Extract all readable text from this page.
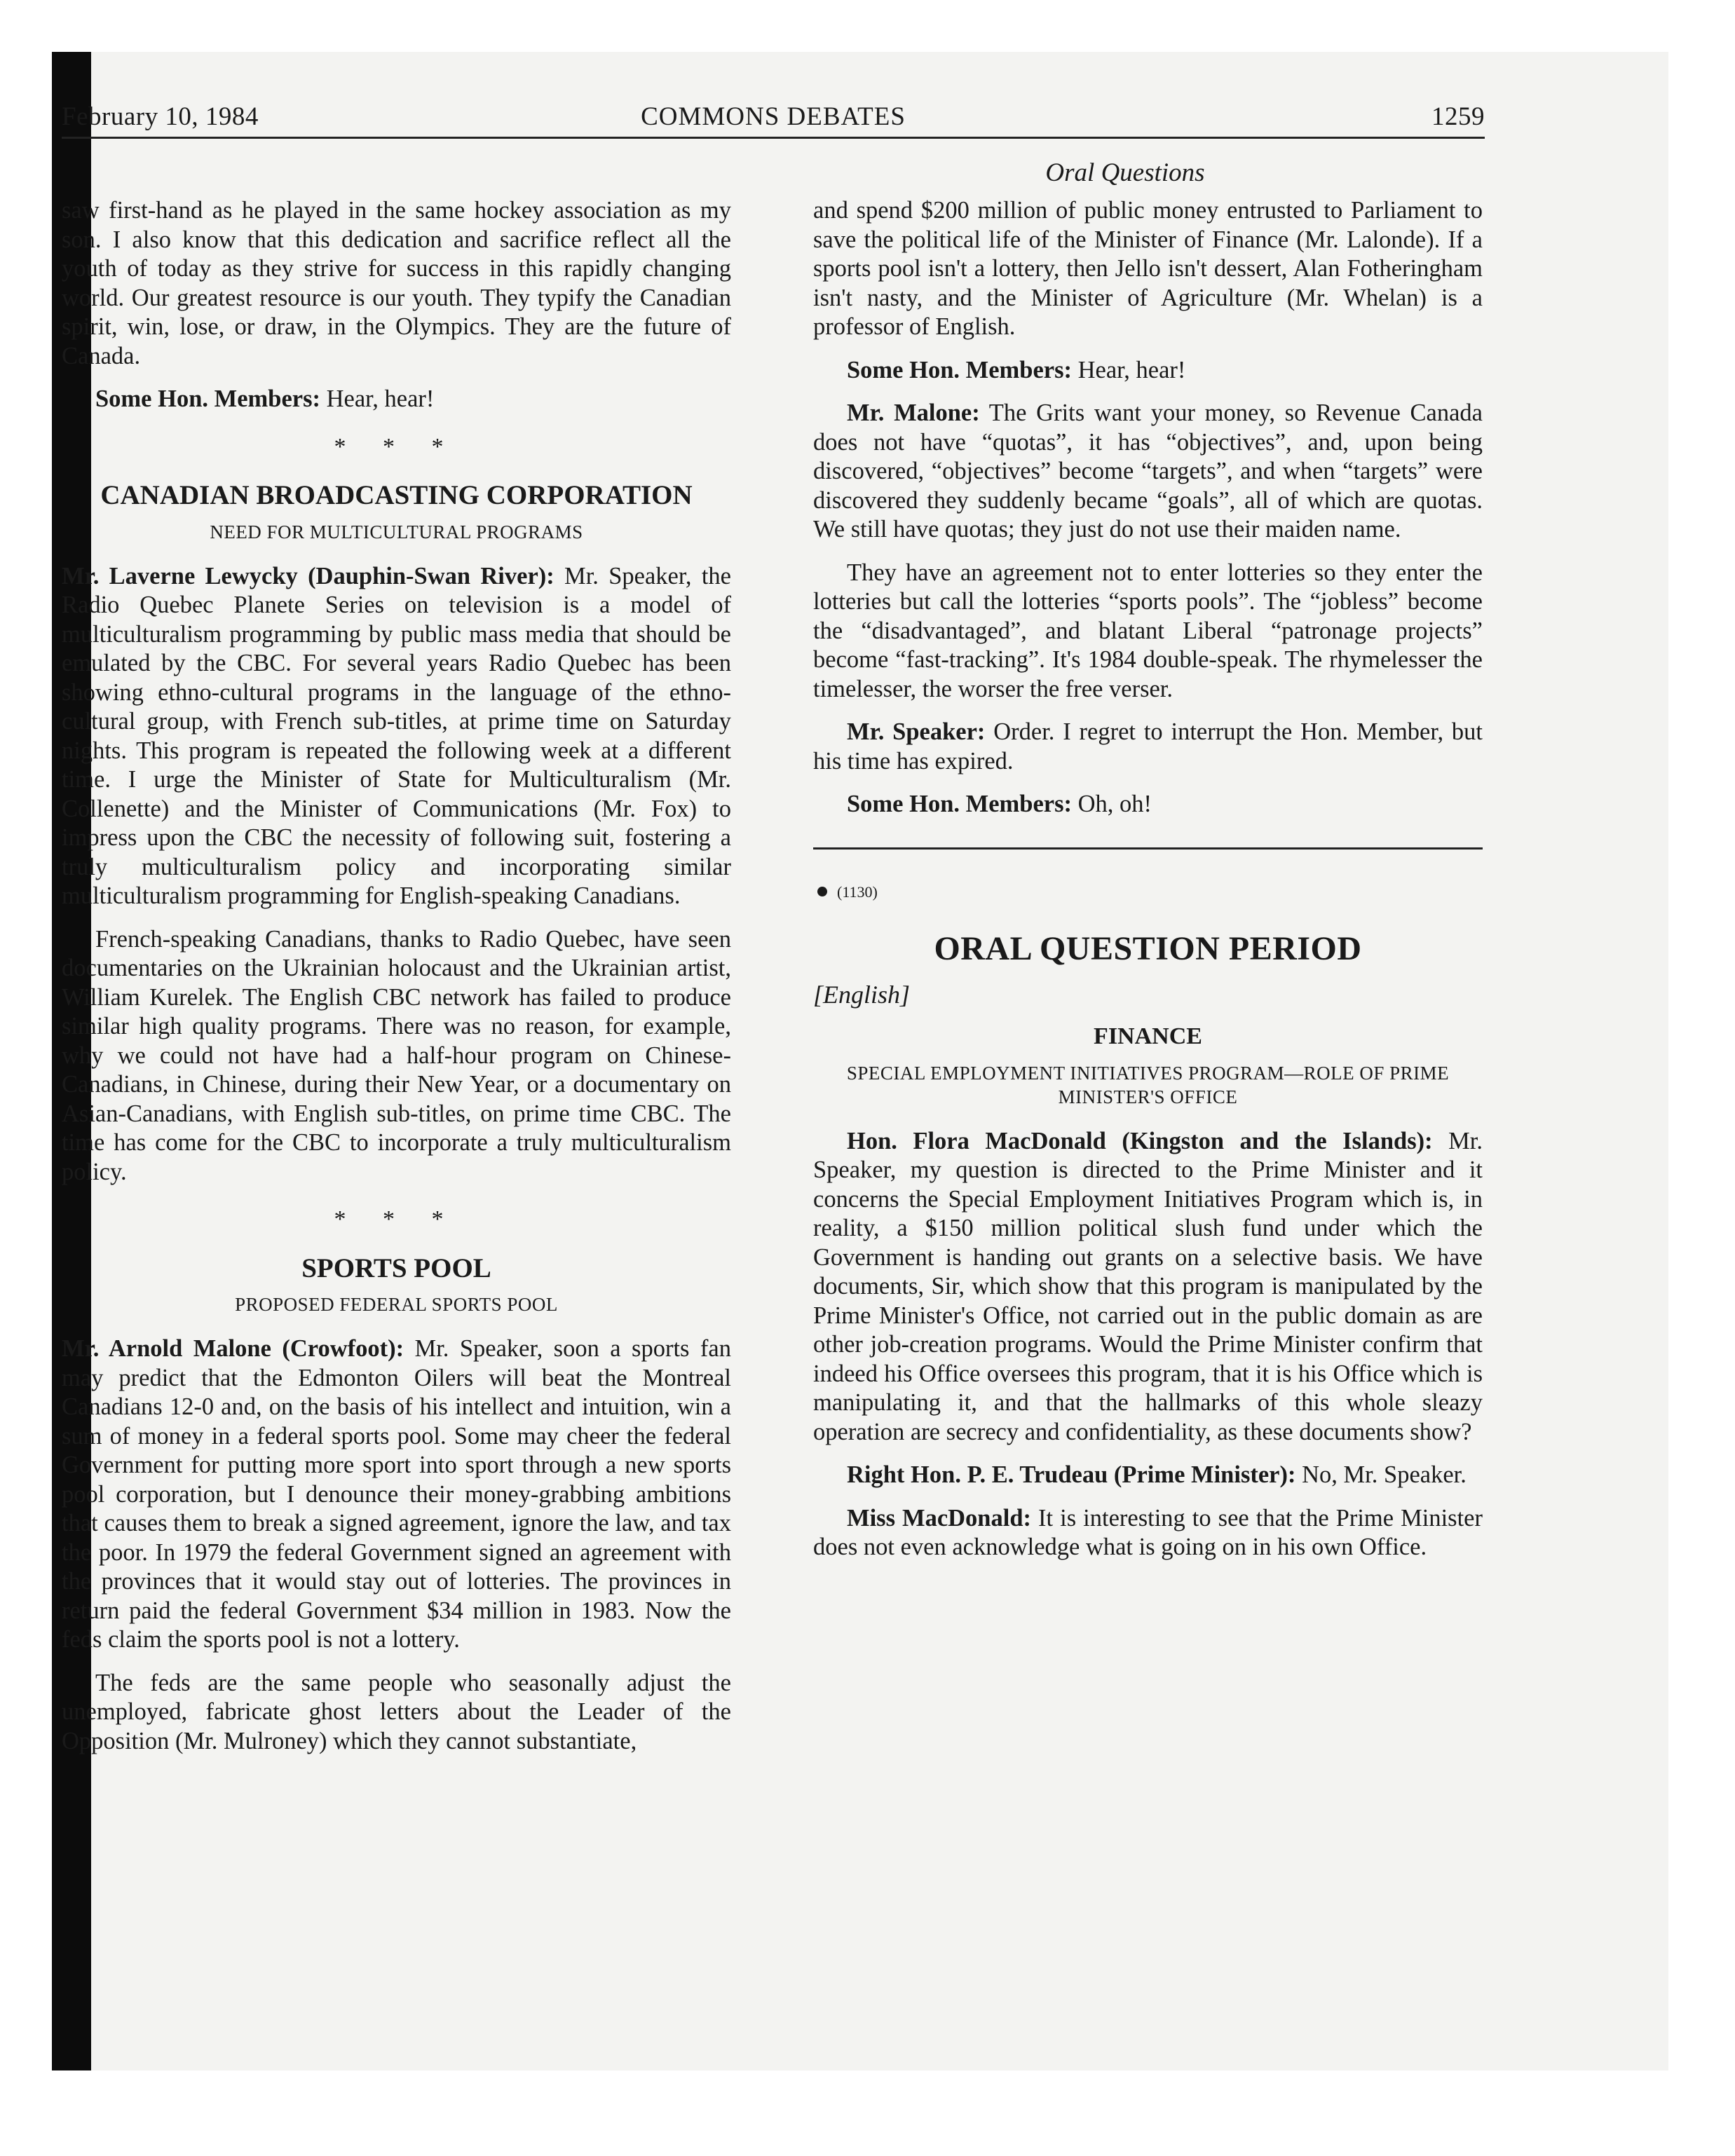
February 10, 1984	COMMONS DEBATES	1259
Oral Questions

saw first-hand as he played in the same hockey association as my son. I also know that this dedication and sacrifice reflect all the youth of today as they strive for success in this rapidly changing world. Our greatest resource is our youth. They typify the Canadian spirit, win, lose, or draw, in the Olympics. They are the future of Canada.

Some Hon. Members: Hear, hear!

* * *
CANADIAN BROADCASTING CORPORATION
NEED FOR MULTICULTURAL PROGRAMS

Mr. Laverne Lewycky (Dauphin-Swan River): Mr. Speaker, the Radio Quebec Planete Series on television is a model of multiculturalism programming by public mass media that should be emulated by the CBC. For several years Radio Quebec has been showing ethno-cultural programs in the language of the ethno-cultural group, with French sub-titles, at prime time on Saturday nights. This program is repeated the following week at a different time. I urge the Minister of State for Multiculturalism (Mr. Collenette) and the Minister of Communications (Mr. Fox) to impress upon the CBC the necessity of following suit, fostering a truly multiculturalism policy and incorporating similar multiculturalism programming for English-speaking Canadians.

French-speaking Canadians, thanks to Radio Quebec, have seen documentaries on the Ukrainian holocaust and the Ukrainian artist, William Kurelek. The English CBC network has failed to produce similar high quality programs. There was no reason, for example, why we could not have had a half-hour program on Chinese-Canadians, in Chinese, during their New Year, or a documentary on Asian-Canadians, with English sub-titles, on prime time CBC. The time has come for the CBC to incorporate a truly multiculturalism policy.

* * *
SPORTS POOL
PROPOSED FEDERAL SPORTS POOL

Mr. Arnold Malone (Crowfoot): Mr. Speaker, soon a sports fan may predict that the Edmonton Oilers will beat the Montreal Canadians 12-0 and, on the basis of his intellect and intuition, win a sum of money in a federal sports pool. Some may cheer the federal Government for putting more sport into sport through a new sports pool corporation, but I denounce their money-grabbing ambitions that causes them to break a signed agreement, ignore the law, and tax the poor. In 1979 the federal Government signed an agreement with the provinces that it would stay out of lotteries. The provinces in return paid the federal Government $34 million in 1983. Now the feds claim the sports pool is not a lottery.

The feds are the same people who seasonally adjust the unemployed, fabricate ghost letters about the Leader of the Opposition (Mr. Mulroney) which they cannot substantiate,

and spend $200 million of public money entrusted to Parliament to save the political life of the Minister of Finance (Mr. Lalonde). If a sports pool isn't a lottery, then Jello isn't dessert, Alan Fotheringham isn't nasty, and the Minister of Agriculture (Mr. Whelan) is a professor of English.

Some Hon. Members: Hear, hear!

Mr. Malone: The Grits want your money, so Revenue Canada does not have “quotas”, it has “objectives”, and, upon being discovered, “objectives” become “targets”, and when “targets” were discovered they suddenly became “goals”, all of which are quotas. We still have quotas; they just do not use their maiden name.

They have an agreement not to enter lotteries so they enter the lotteries but call the lotteries “sports pools”. The “jobless” become the “disadvantaged”, and blatant Liberal “patronage projects” become “fast-tracking”. It's 1984 double-speak. The rhymelesser the timelesser, the worser the free verser.

Mr. Speaker: Order. I regret to interrupt the Hon. Member, but his time has expired.

Some Hon. Members: Oh, oh!

(1130)
ORAL QUESTION PERIOD
[English]
FINANCE
SPECIAL EMPLOYMENT INITIATIVES PROGRAM—ROLE OF PRIME MINISTER'S OFFICE

Hon. Flora MacDonald (Kingston and the Islands): Mr. Speaker, my question is directed to the Prime Minister and it concerns the Special Employment Initiatives Program which is, in reality, a $150 million political slush fund under which the Government is handing out grants on a selective basis. We have documents, Sir, which show that this program is manipulated by the Prime Minister's Office, not carried out in the public domain as are other job-creation programs. Would the Prime Minister confirm that indeed his Office oversees this program, that it is his Office which is manipulating it, and that the hallmarks of this whole sleazy operation are secrecy and confidentiality, as these documents show?

Right Hon. P. E. Trudeau (Prime Minister): No, Mr. Speaker.

Miss MacDonald: It is interesting to see that the Prime Minister does not even acknowledge what is going on in his own Office.
